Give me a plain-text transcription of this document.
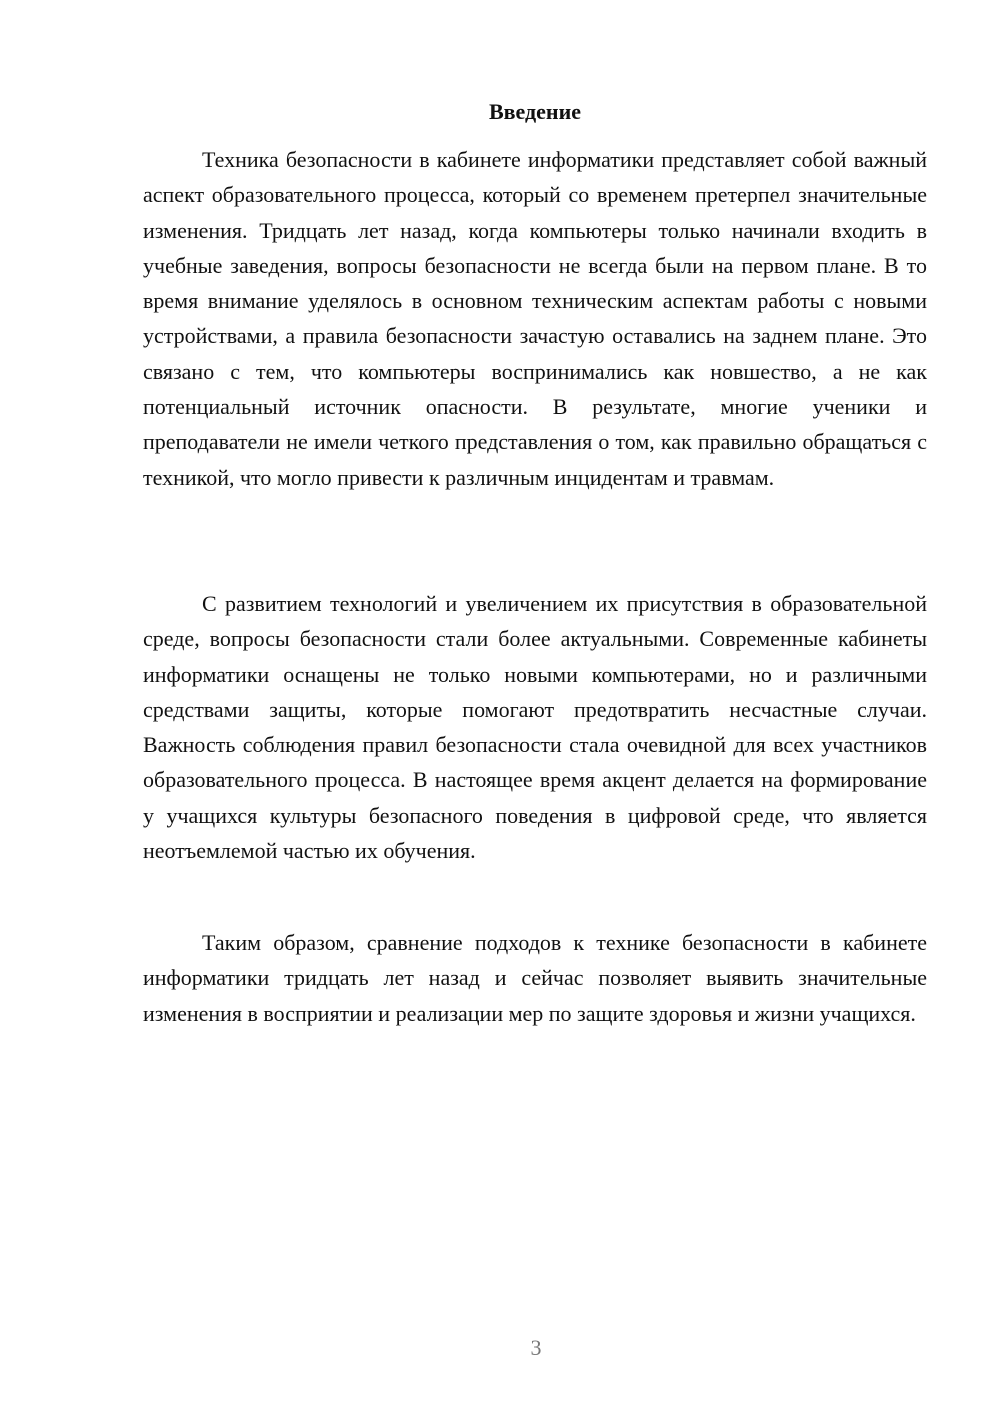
Введение

Техника безопасности в кабинете информатики представляет собой важный аспект образовательного процесса, который со временем претерпел значительные изменения. Тридцать лет назад, когда компьютеры только начинали входить в учебные заведения, вопросы безопасности не всегда были на первом плане. В то время внимание уделялось в основном техническим аспектам работы с новыми устройствами, а правила безопасности зачастую оставались на заднем плане. Это связано с тем, что компьютеры воспринимались как новшество, а не как потенциальный источник опасности. В результате, многие ученики и преподаватели не имели четкого представления о том, как правильно обращаться с техникой, что могло привести к различным инцидентам и травмам.

С развитием технологий и увеличением их присутствия в образовательной среде, вопросы безопасности стали более актуальными. Современные кабинеты информатики оснащены не только новыми компьютерами, но и различными средствами защиты, которые помогают предотвратить несчастные случаи. Важность соблюдения правил безопасности стала очевидной для всех участников образовательного процесса. В настоящее время акцент делается на формирование у учащихся культуры безопасного поведения в цифровой среде, что является неотъемлемой частью их обучения.

Таким образом, сравнение подходов к технике безопасности в кабинете информатики тридцать лет назад и сейчас позволяет выявить значительные изменения в восприятии и реализации мер по защите здоровья и жизни учащихся.

3
